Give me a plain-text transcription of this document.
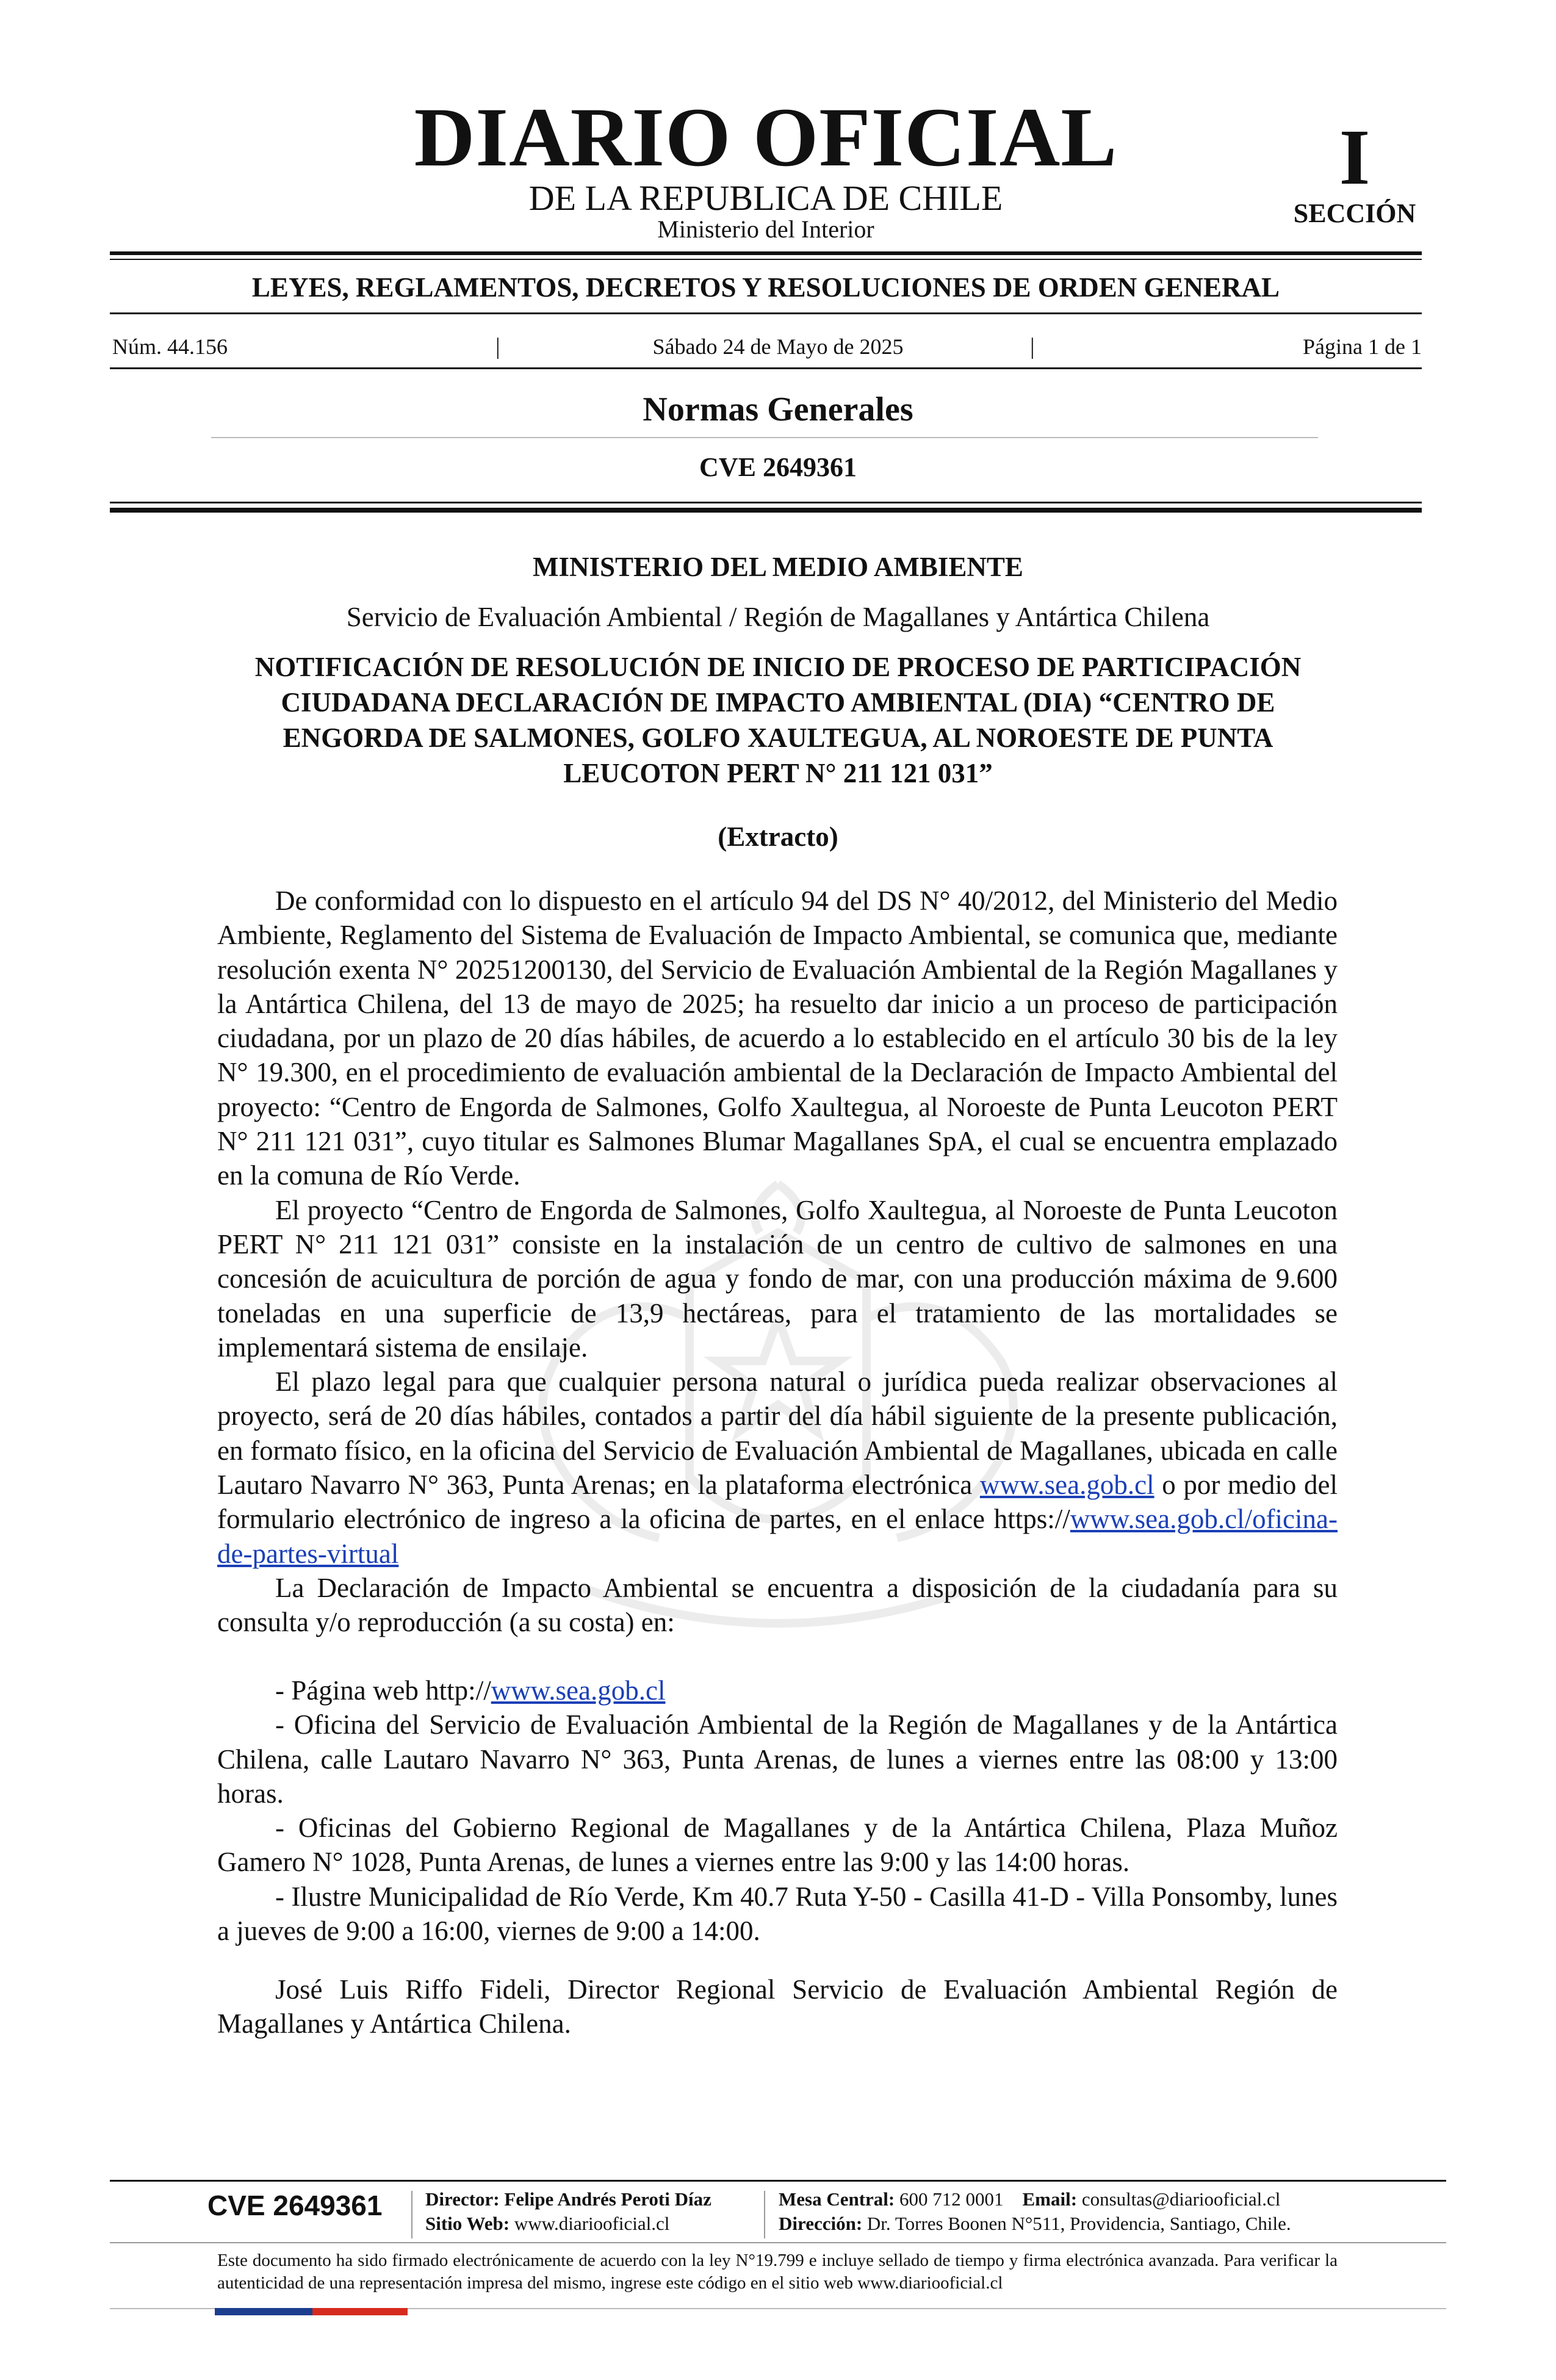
DIARIO OFICIAL
DE LA REPUBLICA DE CHILE
Ministerio del Interior
I
SECCIÓN
LEYES, REGLAMENTOS, DECRETOS Y RESOLUCIONES DE ORDEN GENERAL
Núm. 44.156	|	Sábado 24 de Mayo de 2025	|	Página 1 de 1
Normas Generales
CVE 2649361
MINISTERIO DEL MEDIO AMBIENTE
Servicio de Evaluación Ambiental / Región de Magallanes y Antártica Chilena
NOTIFICACIÓN DE RESOLUCIÓN DE INICIO DE PROCESO DE PARTICIPACIÓN CIUDADANA DECLARACIÓN DE IMPACTO AMBIENTAL (DIA) “CENTRO DE ENGORDA DE SALMONES, GOLFO XAULTEGUA, AL NOROESTE DE PUNTA LEUCOTON PERT N° 211 121 031”
(Extracto)

De conformidad con lo dispuesto en el artículo 94 del DS N° 40/2012, del Ministerio del Medio Ambiente, Reglamento del Sistema de Evaluación de Impacto Ambiental, se comunica que, mediante resolución exenta N° 20251200130, del Servicio de Evaluación Ambiental de la Región Magallanes y la Antártica Chilena, del 13 de mayo de 2025; ha resuelto dar inicio a un proceso de participación ciudadana, por un plazo de 20 días hábiles, de acuerdo a lo establecido en el artículo 30 bis de la ley N° 19.300, en el procedimiento de evaluación ambiental de la Declaración de Impacto Ambiental del proyecto: “Centro de Engorda de Salmones, Golfo Xaultegua, al Noroeste de Punta Leucoton PERT N° 211 121 031”, cuyo titular es Salmones Blumar Magallanes SpA, el cual se encuentra emplazado en la comuna de Río Verde.

El proyecto “Centro de Engorda de Salmones, Golfo Xaultegua, al Noroeste de Punta Leucoton PERT N° 211 121 031” consiste en la instalación de un centro de cultivo de salmones en una concesión de acuicultura de porción de agua y fondo de mar, con una producción máxima de 9.600 toneladas en una superficie de 13,9 hectáreas, para el tratamiento de las mortalidades se implementará sistema de ensilaje.

El plazo legal para que cualquier persona natural o jurídica pueda realizar observaciones al proyecto, será de 20 días hábiles, contados a partir del día hábil siguiente de la presente publicación, en formato físico, en la oficina del Servicio de Evaluación Ambiental de Magallanes, ubicada en calle Lautaro Navarro N° 363, Punta Arenas; en la plataforma electrónica www.sea.gob.cl o por medio del formulario electrónico de ingreso a la oficina de partes, en el enlace https://www.sea.gob.cl/oficina-de-partes-virtual

La Declaración de Impacto Ambiental se encuentra a disposición de la ciudadanía para su consulta y/o reproducción (a su costa) en:

- Página web http://www.sea.gob.cl

- Oficina del Servicio de Evaluación Ambiental de la Región de Magallanes y de la Antártica Chilena, calle Lautaro Navarro N° 363, Punta Arenas, de lunes a viernes entre las 08:00 y 13:00 horas.

- Oficinas del Gobierno Regional de Magallanes y de la Antártica Chilena, Plaza Muñoz Gamero N° 1028, Punta Arenas, de lunes a viernes entre las 9:00 y las 14:00 horas.

- Ilustre Municipalidad de Río Verde, Km 40.7 Ruta Y-50 - Casilla 41-D - Villa Ponsomby, lunes a jueves de 9:00 a 16:00, viernes de 9:00 a 14:00.

José Luis Riffo Fideli, Director Regional Servicio de Evaluación Ambiental Región de Magallanes y Antártica Chilena.

CVE 2649361	Director: Felipe Andrés Peroti Díaz
Sitio Web: www.diariooficial.cl
Mesa Central: 600 712 0001 Email: consultas@diariooficial.cl
Dirección: Dr. Torres Boonen N°511, Providencia, Santiago, Chile.
Este documento ha sido firmado electrónicamente de acuerdo con la ley N°19.799 e incluye sellado de tiempo y firma electrónica avanzada. Para verificar la autenticidad de una representación impresa del mismo, ingrese este código en el sitio web www.diariooficial.cl
